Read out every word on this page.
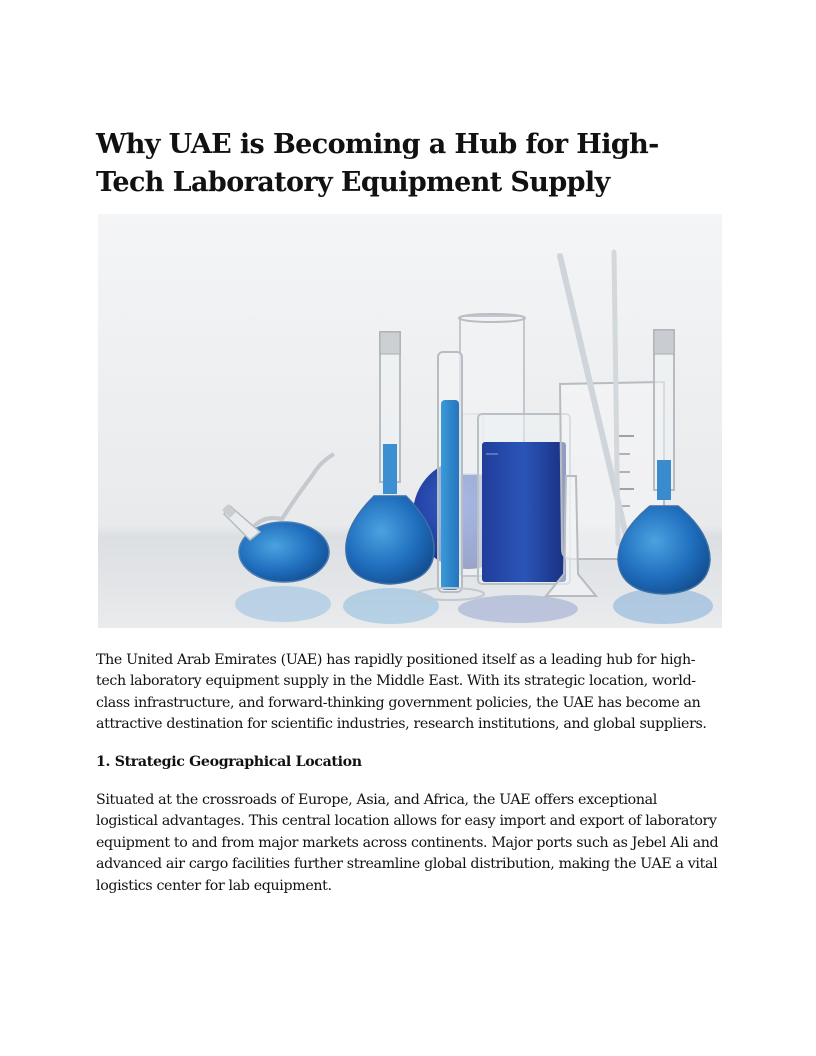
Why UAE is Becoming a Hub for High-Tech Laboratory Equipment Supply

The United Arab Emirates (UAE) has rapidly positioned itself as a leading hub for high-tech laboratory equipment supply in the Middle East. With its strategic location, world-class infrastructure, and forward-thinking government policies, the UAE has become an attractive destination for scientific industries, research institutions, and global suppliers.

1. Strategic Geographical Location

Situated at the crossroads of Europe, Asia, and Africa, the UAE offers exceptional logistical advantages. This central location allows for easy import and export of laboratory equipment to and from major markets across continents. Major ports such as Jebel Ali and advanced air cargo facilities further streamline global distribution, making the UAE a vital logistics center for lab equipment.
